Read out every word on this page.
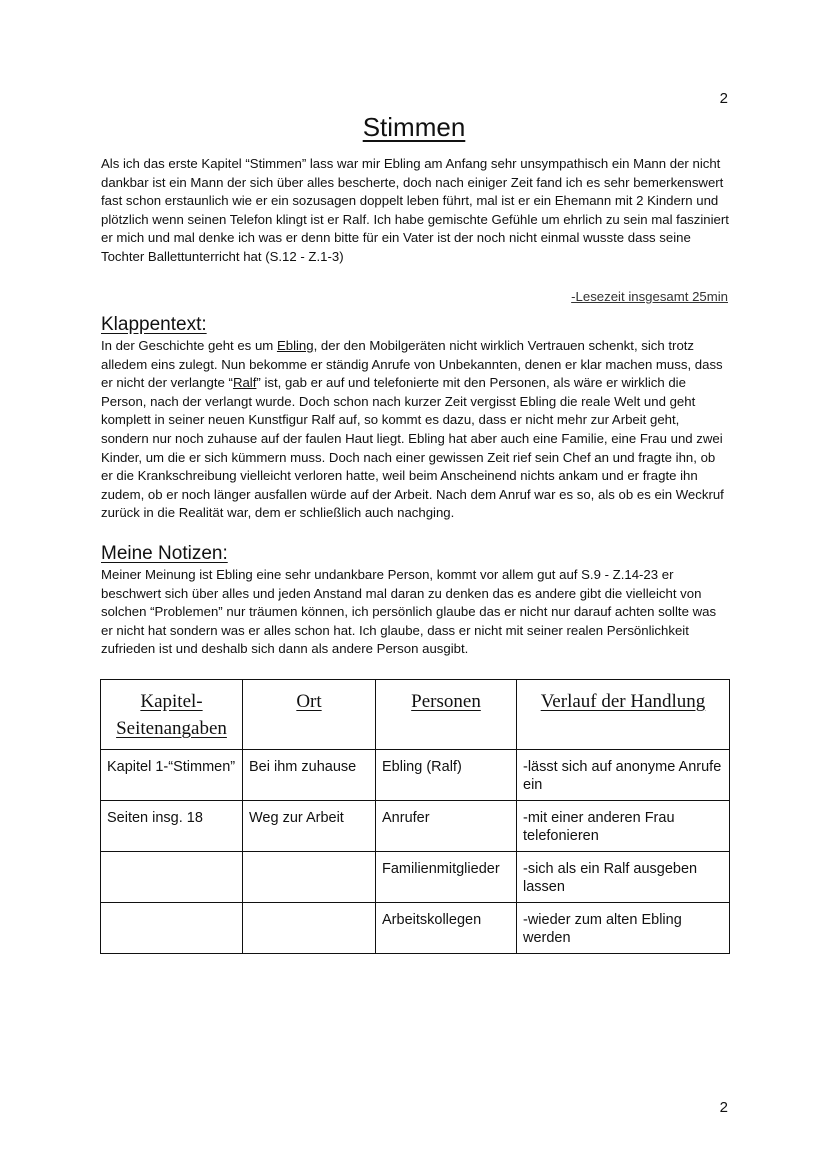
2
Stimmen

Als ich das erste Kapitel “Stimmen” lass war mir Ebling am Anfang sehr unsympathisch ein Mann der nicht dankbar ist ein Mann der sich über alles bescherte, doch nach einiger Zeit fand ich es sehr bemerkenswert fast schon erstaunlich wie er ein sozusagen doppelt leben führt, mal ist er ein Ehemann mit 2 Kindern und plötzlich wenn seinen Telefon klingt ist er Ralf. Ich habe gemischte Gefühle um ehrlich zu sein mal fasziniert er mich und mal denke ich was er denn bitte für ein Vater ist der noch nicht einmal wusste dass seine Tochter Ballettunterricht hat (S.12 - Z.1-3)

-Lesezeit insgesamt 25min
Klappentext:

In der Geschichte geht es um Ebling, der den Mobilgeräten nicht wirklich Vertrauen schenkt, sich trotz alledem eins zulegt. Nun bekomme er ständig Anrufe von Unbekannten, denen er klar machen muss, dass er nicht der verlangte “Ralf” ist, gab er auf und telefonierte mit den Personen, als wäre er wirklich die Person, nach der verlangt wurde. Doch schon nach kurzer Zeit vergisst Ebling die reale Welt und geht komplett in seiner neuen Kunstfigur Ralf auf, so kommt es dazu, dass er nicht mehr zur Arbeit geht, sondern nur noch zuhause auf der faulen Haut liegt. Ebling hat aber auch eine Familie, eine Frau und zwei Kinder, um die er sich kümmern muss. Doch nach einer gewissen Zeit rief sein Chef an und fragte ihn, ob er die Krankschreibung vielleicht verloren hatte, weil beim Anscheinend nichts ankam und er fragte ihn zudem, ob er noch länger ausfallen würde auf der Arbeit. Nach dem Anruf war es so, als ob es ein Weckruf zurück in die Realität war, dem er schließlich auch nachging.

Meine Notizen:

Meiner Meinung ist Ebling eine sehr undankbare Person, kommt vor allem gut auf S.9 - Z.14-23 er beschwert sich über alles und jeden Anstand mal daran zu denken das es andere gibt die vielleicht von solchen “Problemen” nur träumen können, ich persönlich glaube das er nicht nur darauf achten sollte was er nicht hat sondern was er alles schon hat. Ich glaube, dass er nicht mit seiner realen Persönlichkeit zufrieden ist und deshalb sich dann als andere Person ausgibt.

Kapitel-Seitenangaben	Ort	Personen	Verlauf der Handlung
Kapitel 1-“Stimmen”	Bei ihm zuhause	Ebling (Ralf)	-lässt sich auf anonyme Anrufe ein
Seiten insg. 18	Weg zur Arbeit	Anrufer	-mit einer anderen Frau telefonieren
		Familienmitglieder	-sich als ein Ralf ausgeben lassen
		Arbeitskollegen	-wieder zum alten Ebling werden
2
